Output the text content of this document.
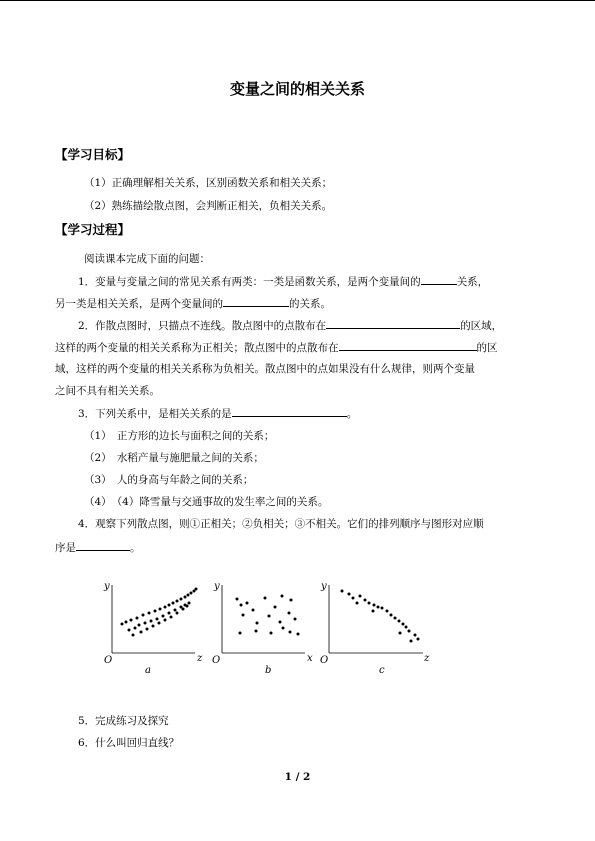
变量之间的相关关系
【学习目标】
（1）正确理解相关关系，区别函数关系和相关关系；
（2）熟练描绘散点图，会判断正相关，负相关关系。
【学习过程】
阅读课本完成下面的问题：
1．变量与变量之间的常见关系有两类：一类是函数关系，是两个变量间的	关系，
另一类是相关关系，是两个变量间的	的关系。
2．作散点图时，只描点不连线。散点图中的点散布在	的区域，
这样的两个变量的相关关系称为正相关；散点图中的点散布在	的区
域，这样的两个变量的相关关系称为负相关。散点图中的点如果没有什么规律，则两个变量
之间不具有相关关系。
3．下列关系中，是相关关系的是	。
（1）　正方形的边长与面积之间的关系；
（2）　水稻产量与施肥量之间的关系；
（3）　人的身高与年龄之间的关系；
（4）　（4）降雪量与交通事故的发生率之间的关系。
4．观察下列散点图，则①正相关；②负相关；③不相关。它们的排列顺序与图形对应顺
序是	。
y
z
O
a
y
x
O
b
y
z
O
c
5．完成练习及探究
6．什么叫回归直线？
1 / 2
